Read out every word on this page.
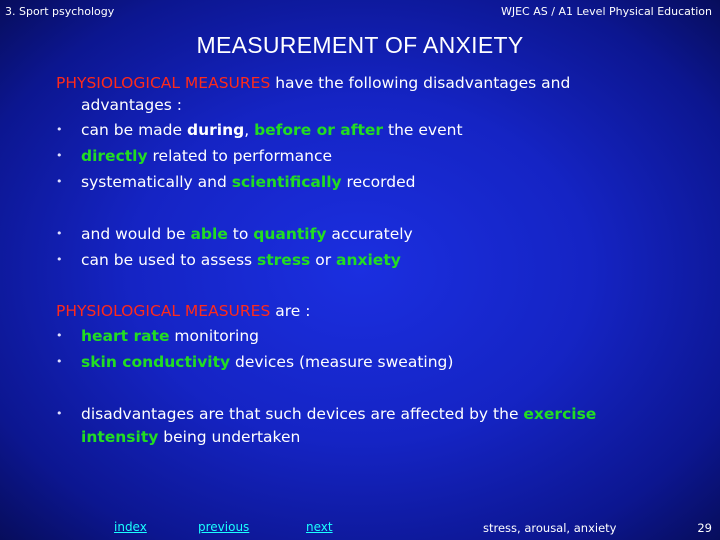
3. Sport psychology	WJEC AS / A1 Level Physical Education
MEASUREMENT OF ANXIETY
PHYSIOLOGICAL MEASURES have the following disadvantages and
advantages :
• can be made during, before or after the event
• directly related to performance
• systematically and scientifically recorded
• and would be able to quantify accurately
• can be used to assess stress or anxiety
PHYSIOLOGICAL MEASURES are :
• heart rate monitoring
• skin conductivity devices (measure sweating)
• disadvantages are that such devices are affected by the exercise
intensity being undertaken
index	previous	next	stress, arousal, anxiety	29
